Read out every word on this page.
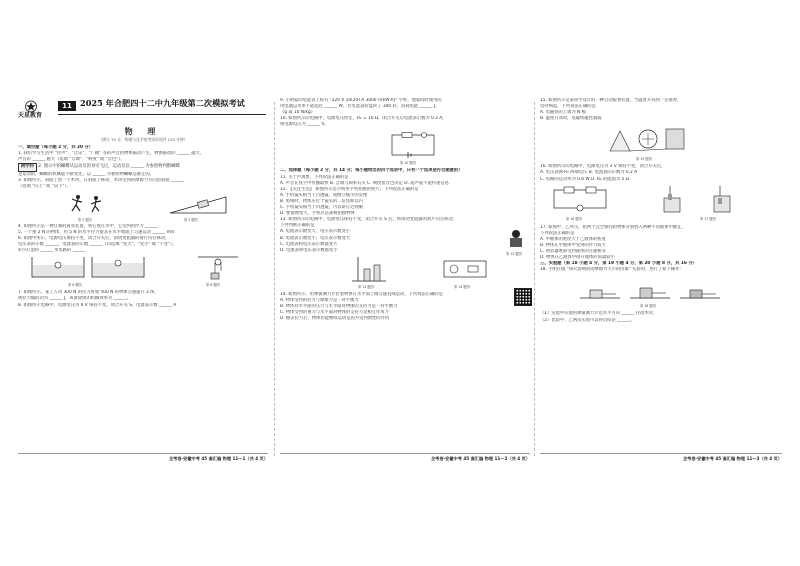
天星教育
11 2025 年合肥四十二中九年级第二次模拟考试
物 理
（满分 70 分，物理与化学的考试时间共 120 分钟）
一、填空题（每小题 2 分，共 20 分）
1. 我们学习生活中 "铃声"、"音乐"、"广播" 等的声音由物体振动产生，物体振动的 ______ 越大，
声音的 ______ 越大（选填 "音调"、"响度" 或 "音色"）。
跨学科 2. 图示中的蝴蝶从运动员的身旁飞过，运动员以 ______ 为参照物判断蝴蝶
是运动的，蝴蝶的机械能不断变化，以 ______ 为参照物蝴蝶是静止的。
3. 如图所示，斜面上放一个木块，在斜面上移动，木块受到的摩擦力方向沿斜面 ______
（选填 "向上" 或 "向下"）。
第 2 题图	第 3 题图
4. 如图所示是一种自制的简易装置，将它放在水中，它受到的浮力 ______
5. 一个重 2 N 的物体，用 5 N 的水平拉力使其在水平地面上匀速运动 ______ m/s
6. 如图甲所示，电源电压保持不变，闭合开关后，滑动变阻器的滑片向右移动，
电压表的示数 ______，电流表的示数 ______（均选填 "变大"、"变小" 或 "不变"）。
①小灯泡的 ______ ②电路的 ______
第 6 题图	第 6 题图
7. 如图所示，某工人用 300 N 的拉力将重 500 N 的物体匀速提升 2 m，
则拉力做的功为 ______ J，该滑轮组的机械效率为 ______。
8. 如图所示电路中，电源电压为 6 V 保持不变，闭合开关 S，电流表示数 ______ A
全考卷·安徽中考 45 套汇编 物理 11—1（共 4 页）
9. 小明家的电能表上标有 "220 V 10(20) A 3000 r/(kW·h)" 字样，他家同时使用的
用电器总功率不能超过 ______ W，若电能表转盘转了 300 转，消耗电能 ______ J。
（g 取 10 N/kg）
10. 如图所示的电路中，电源电压恒定，R₁ = 10 Ω，闭合开关后电流表示数为 0.3 A，
则电源电压为 ______ V。
第 10 题图
二、选择题（每小题 2 分，共 14 分；每小题给出的四个选项中，只有一个选项是符合题意的）
11. 关于声现象，下列说法正确的是
A. 声音在真空中传播最快 B. 音调与频率有关 C. 响度由音色决定 D. 超声波不能传递信息
12. 【关注生活】 如图所示是小明用手机拍摄的照片，下列说法正确的是
A. 手机镜头相当于凸透镜，成倒立缩小的实像
B. 照相时，物体应位于镜头的二倍焦距以内
C. 手机镜头相当于凹透镜，可以矫正近视眼
D. 要使像变大，手机应远离被拍摄物体
第 12 题图
13. 如图所示的电路中，电源电压保持不变，闭合开关 S 后，将滑动变阻器的滑片向左移动，
下列判断正确的是
A. 电流表示数变大，电压表示数变小
B. 电流表示数变小，电压表示数变大
C. 电流表和电压表示数都变大
D. 电流表和电压表示数都变小
第 13 题图	第 14 题图
14. 如图所示，用弹簧测力计拉着物体在水平面上做匀速直线运动，下列说法正确的是
A. 物体受到的拉力与摩擦力是一对平衡力
B. 物体对水平面的压力与水平面对物体的支持力是一对平衡力
C. 物体受到的重力与水平面对物体的支持力是相互作用力
D. 撤去拉力后，物体仍能继续运动是因为受到惯性的作用
全考卷·安徽中考 45 套汇编 物理 11—2（共 4 页）
15. 如图所示是某同学设计的一种自动报警装置，当温度升高到一定值时，
电铃响起，下列说法正确的是
A. 电磁铁的上端为 N 极
B. 温度升高时，电磁铁磁性减弱
第 15 题图
16. 如图所示的电路中，电源电压为 3 V 保持不变，闭合开关后，
A. 电压表测 R₁ 两端电压 B. 电流表的示数为 0.2 A
C. 电路的总功率为 0.6 W D. R₂ 的阻值为 5 Ω
第 16 题图	第 17 题图
17. 如图甲、乙所示，把两个完全相同的物体分别放入两种不同液体中静止，
下列说法正确的是
A. 甲液体的密度大于乙液体的密度
B. 物体在甲液体中受到的浮力较大
C. 两容器底部受到液体的压强相等
D. 物体在乙液体中排开液体的质量较小
三、实验题（第 18 小题 4 分，第 19 小题 4 分，第 20 小题 8 分，共 16 分）
18. 小明在做 "探究影响滑动摩擦力大小的因素" 实验时，进行了如下操作：
第 18 题图
（1）实验中应使用弹簧测力计沿水平方向 ______ 拉动木块；
（2）比较甲、乙两次实验可以得出结论 ______。
全考卷·安徽中考 45 套汇编 物理 11—3（共 4 页）
